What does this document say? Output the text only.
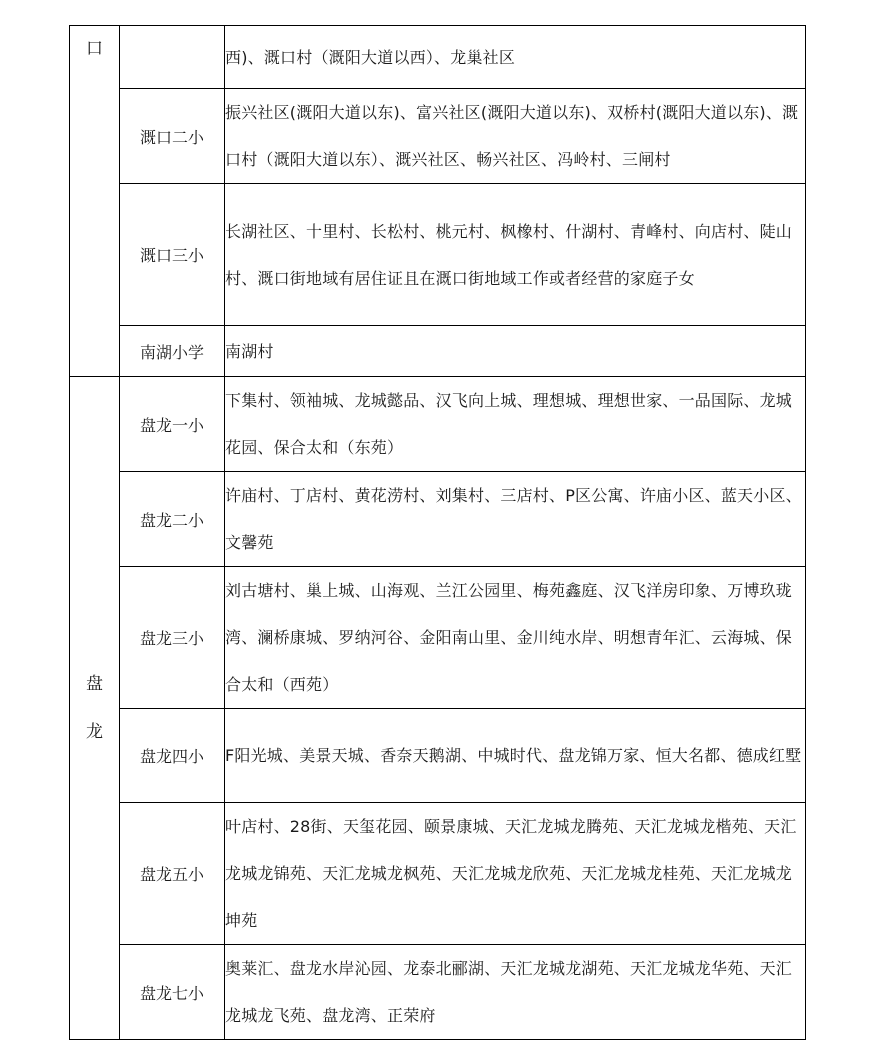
口		西)、溉口村（溉阳大道以西）、龙巢社区
	溉口二小	振兴社区(溉阳大道以东)、富兴社区(溉阳大道以东)、双桥村(溉阳大道以东)、溉口村（溉阳大道以东）、溉兴社区、畅兴社区、冯岭村、三闸村
	溉口三小	长湖社区、十里村、长松村、桃元村、枫橡村、什湖村、青峰村、向店村、陡山村、溉口街地域有居住证且在溉口街地域工作或者经营的家庭子女
	南湖小学	南湖村

盘
龙	盘龙一小	下集村、领袖城、龙城懿品、汉飞向上城、理想城、理想世家、一品国际、龙城花园、保合太和（东苑）
	盘龙二小	许庙村、丁店村、黄花涝村、刘集村、三店村、P区公寓、许庙小区、蓝天小区、文馨苑
	盘龙三小	刘古塘村、巢上城、山海观、兰江公园里、梅苑鑫庭、汉飞洋房印象、万博玖珑湾、澜桥康城、罗纳河谷、金阳南山里、金川纯水岸、明想青年汇、云海城、保合太和（西苑）
	盘龙四小	F阳光城、美景天城、香奈天鹅湖、中城时代、盘龙锦万家、恒大名都、德成红墅
	盘龙五小	叶店村、28街、天玺花园、颐景康城、天汇龙城龙腾苑、天汇龙城龙楷苑、天汇龙城龙锦苑、天汇龙城龙枫苑、天汇龙城龙欣苑、天汇龙城龙桂苑、天汇龙城龙坤苑
	盘龙七小	奥莱汇、盘龙水岸沁园、龙泰北郦湖、天汇龙城龙湖苑、天汇龙城龙华苑、天汇龙城龙飞苑、盘龙湾、正荣府
